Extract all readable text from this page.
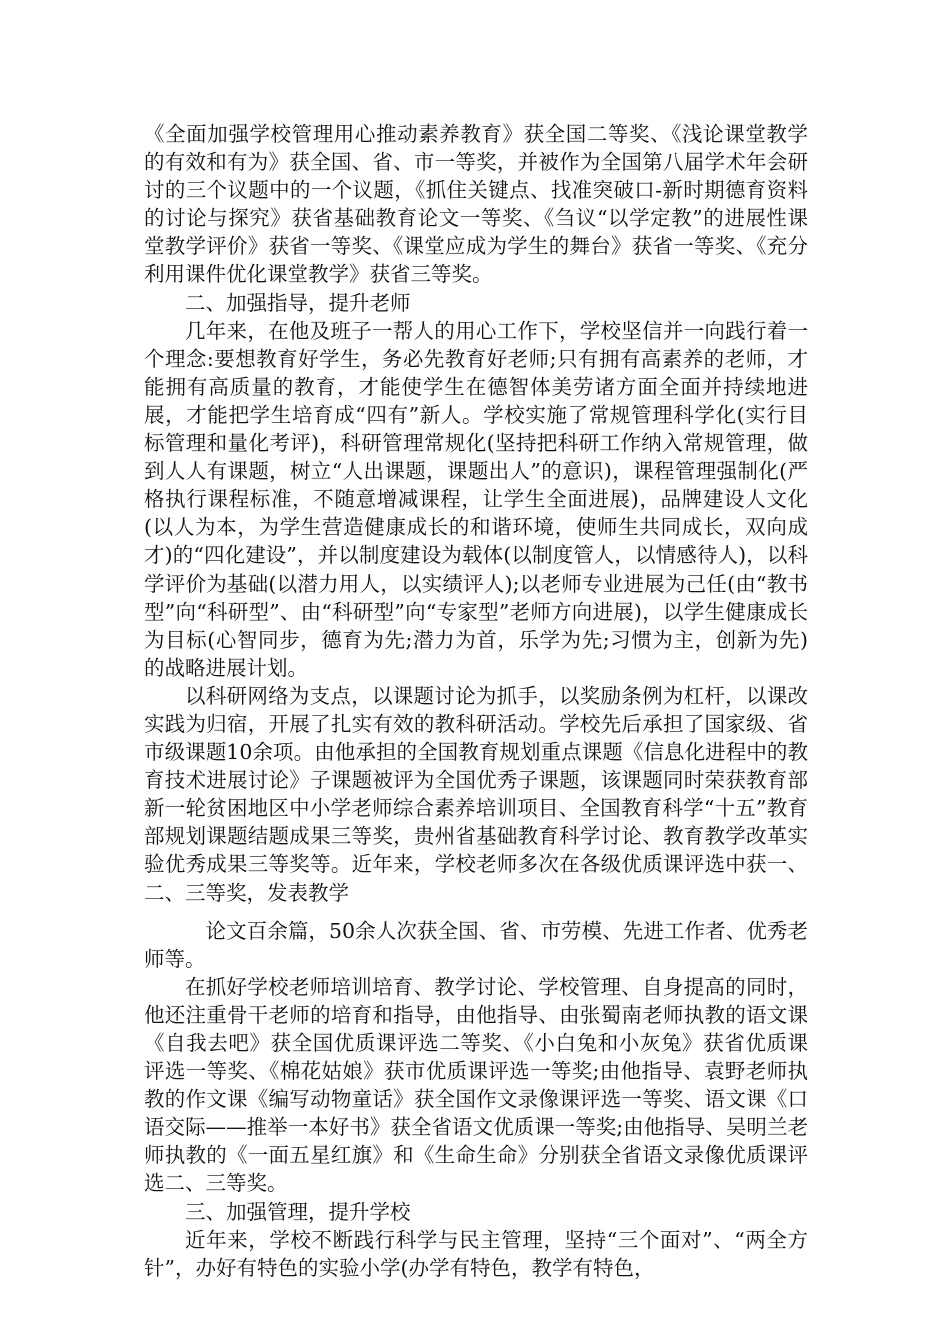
《全面加强学校管理用心推动素养教育》获全国二等奖、《浅论课堂教学的有效和有为》获全国、省、市一等奖，并被作为全国第八届学术年会研讨的三个议题中的一个议题，《抓住关键点、找准突破口-新时期德育资料的讨论与探究》获省基础教育论文一等奖、《刍议“以学定教”的进展性课堂教学评价》获省一等奖、《课堂应成为学生的舞台》获省一等奖、《充分利用课件优化课堂教学》获省三等奖。

二、加强指导，提升老师

几年来，在他及班子一帮人的用心工作下，学校坚信并一向践行着一个理念:要想教育好学生，务必先教育好老师;只有拥有高素养的老师，才能拥有高质量的教育，才能使学生在德智体美劳诸方面全面并持续地进展，才能把学生培育成“四有”新人。学校实施了常规管理科学化(实行目标管理和量化考评)，科研管理常规化(坚持把科研工作纳入常规管理，做到人人有课题，树立“人出课题，课题出人”的意识)，课程管理强制化(严格执行课程标准，不随意增减课程，让学生全面进展)，品牌建设人文化(以人为本，为学生营造健康成长的和谐环境，使师生共同成长，双向成才)的“四化建设”，并以制度建设为载体(以制度管人，以情感待人)，以科学评价为基础(以潜力用人，以实绩评人);以老师专业进展为己任(由“教书型”向“科研型”、由“科研型”向“专家型”老师方向进展)，以学生健康成长为目标(心智同步，德育为先;潜力为首，乐学为先;习惯为主，创新为先)的战略进展计划。

以科研网络为支点，以课题讨论为抓手，以奖励条例为杠杆，以课改实践为归宿，开展了扎实有效的教科研活动。学校先后承担了国家级、省市级课题10余项。由他承担的全国教育规划重点课题《信息化进程中的教育技术进展讨论》子课题被评为全国优秀子课题，该课题同时荣获教育部新一轮贫困地区中小学老师综合素养培训项目、全国教育科学“十五”教育部规划课题结题成果三等奖，贵州省基础教育科学讨论、教育教学改革实验优秀成果三等奖等。近年来，学校老师多次在各级优质课评选中获一、二、三等奖，发表教学

论文百余篇，50余人次获全国、省、市劳模、先进工作者、优秀老师等。

在抓好学校老师培训培育、教学讨论、学校管理、自身提高的同时，他还注重骨干老师的培育和指导，由他指导、由张蜀南老师执教的语文课《自我去吧》获全国优质课评选二等奖、《小白兔和小灰兔》获省优质课评选一等奖、《棉花姑娘》获市优质课评选一等奖;由他指导、袁野老师执教的作文课《编写动物童话》获全国作文录像课评选一等奖、语文课《口语交际——推举一本好书》获全省语文优质课一等奖;由他指导、吴明兰老师执教的《一面五星红旗》和《生命生命》分别获全省语文录像优质课评选二、三等奖。

三、加强管理，提升学校

近年来，学校不断践行科学与民主管理，坚持“三个面对”、“两全方针”，办好有特色的实验小学(办学有特色，教学有特色，
